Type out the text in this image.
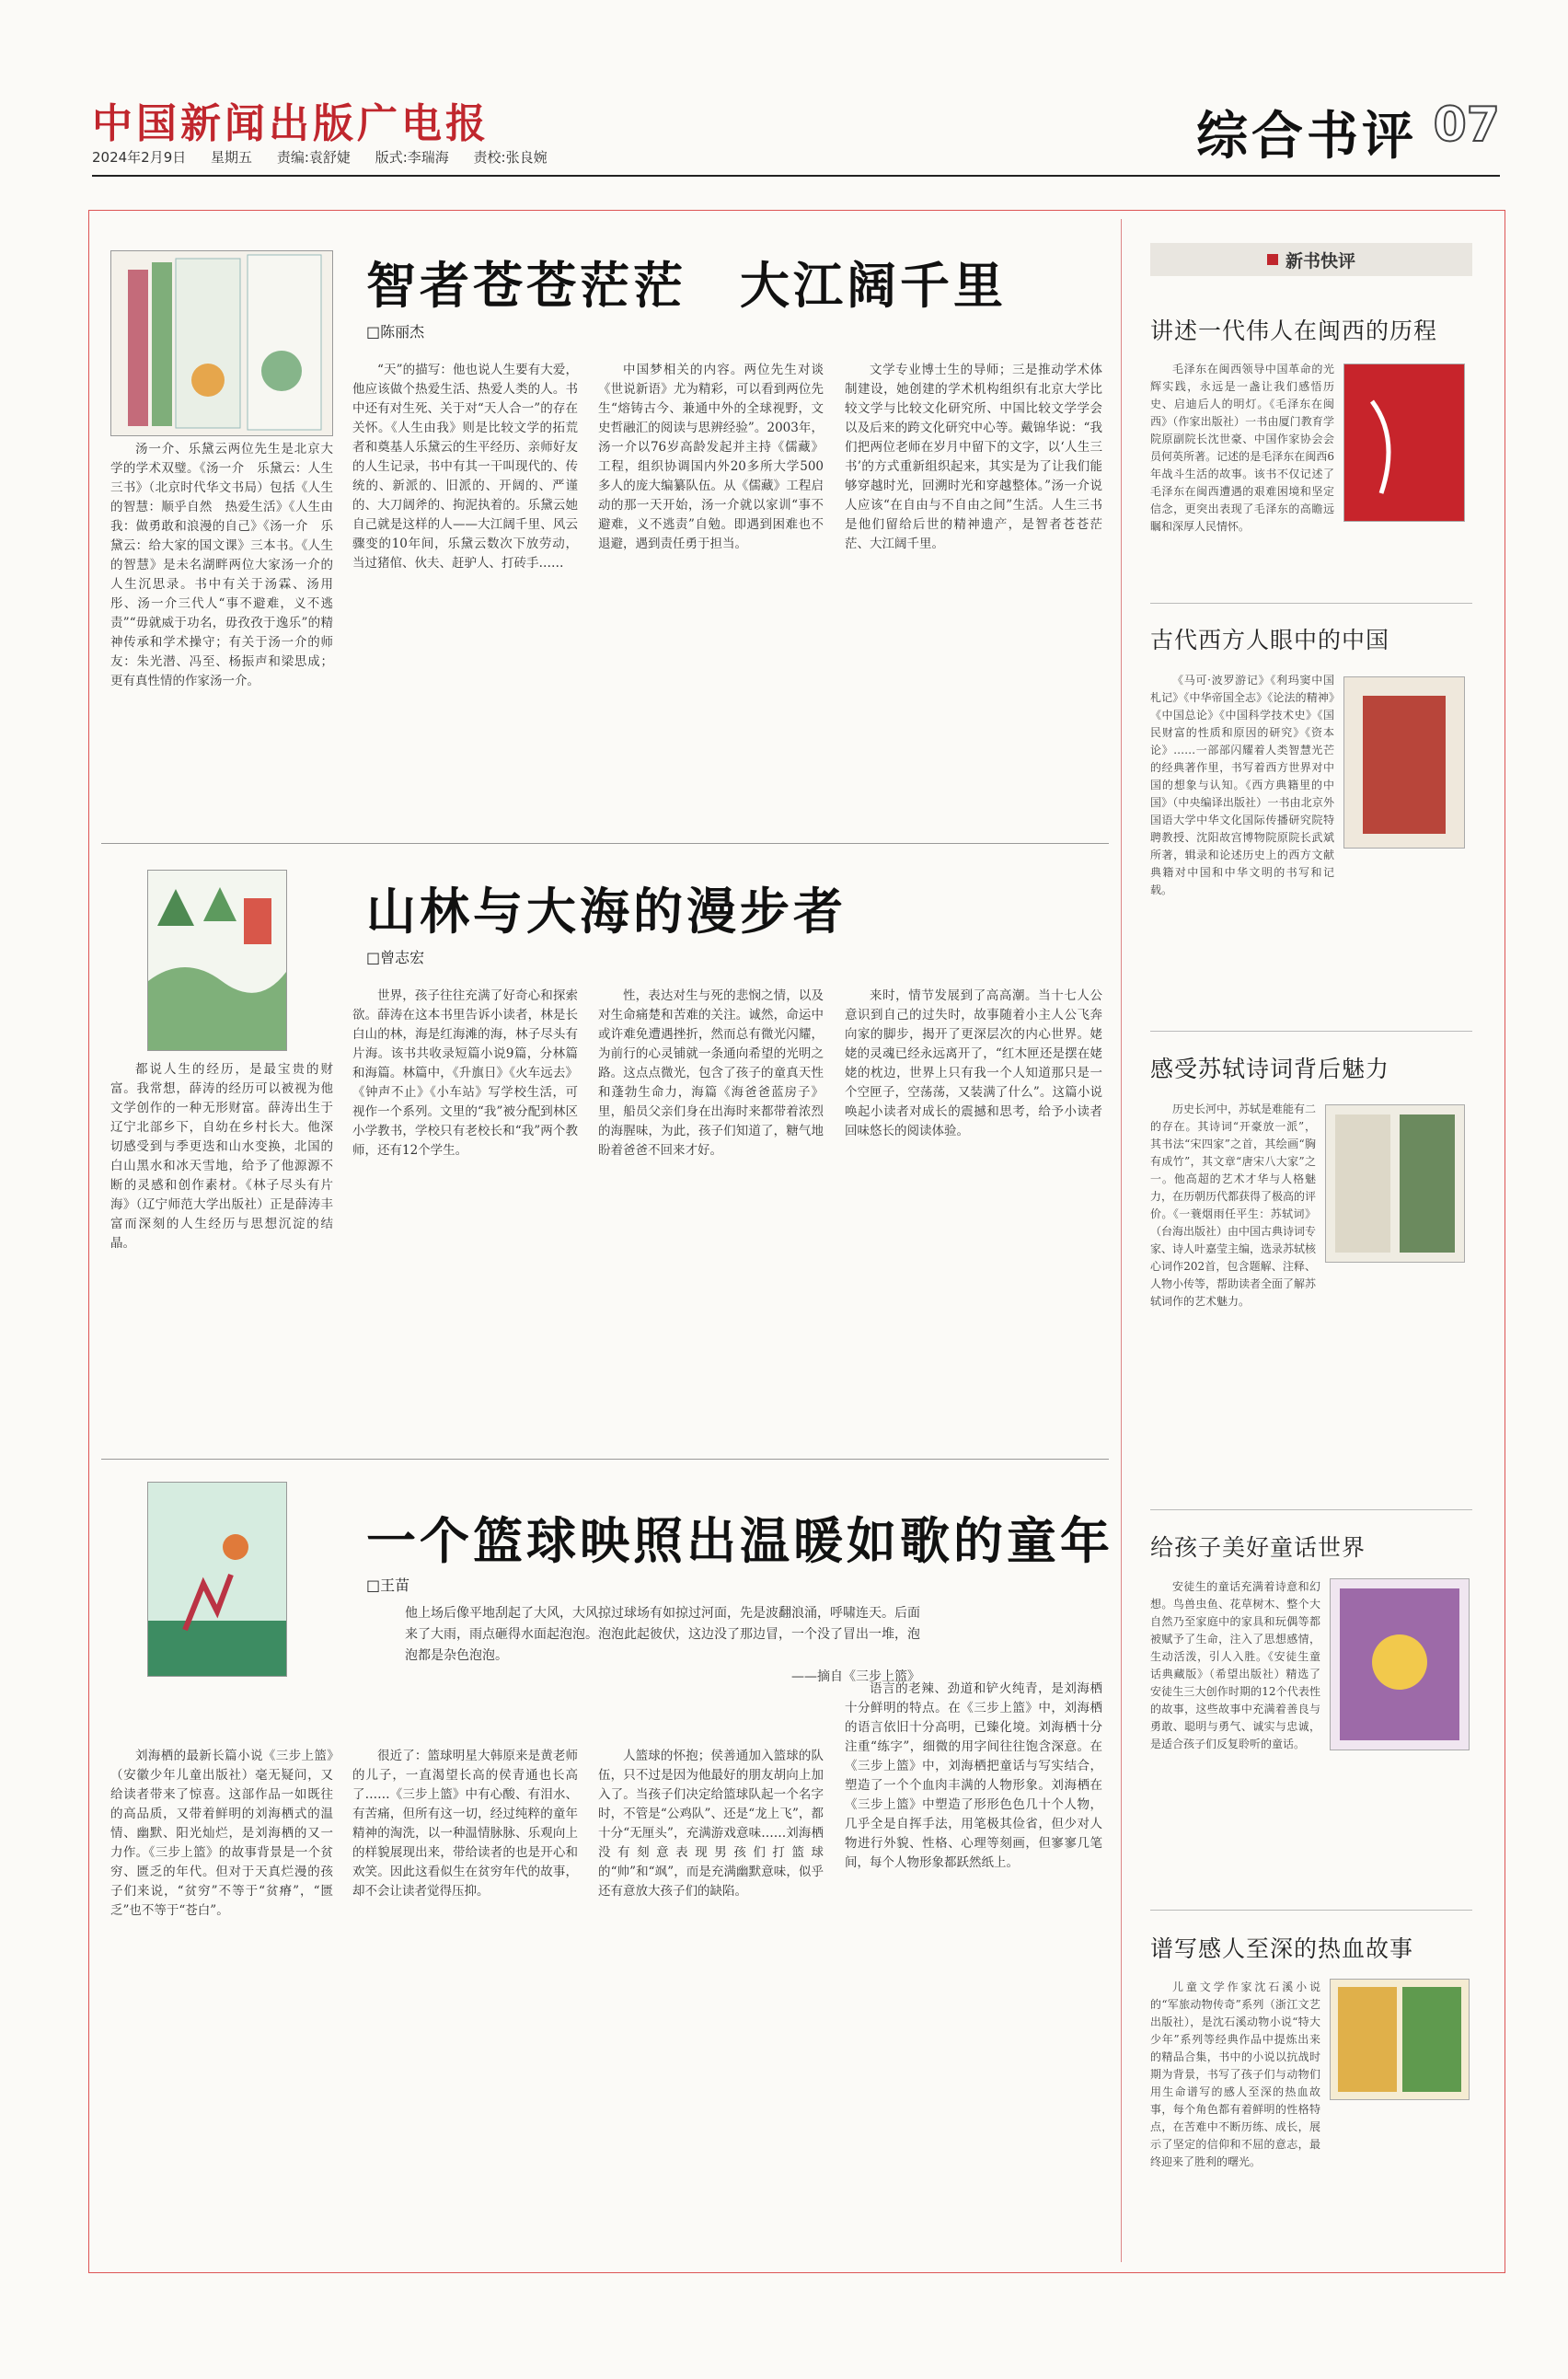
中国新闻出版广电报
2024年2月9日 星期五 责编:袁舒婕 版式:李瑞海 责校:张良婉	综合书评 07
智者苍苍茫茫　大江阔千里
□陈丽杰

汤一介、乐黛云两位先生是北京大学的学术双璧。《汤一介　乐黛云：人生三书》（北京时代华文书局）包括《人生的智慧：顺乎自然　热爱生活》《人生由我：做勇敢和浪漫的自己》《汤一介　乐黛云：给大家的国文课》三本书。《人生的智慧》是未名湖畔两位大家汤一介的人生沉思录。书中有关于汤霖、汤用彤、汤一介三代人“事不避难，义不逃责”“毋就威于功名，毋孜孜于逸乐”的精神传承和学术操守；有关于汤一介的师友：朱光潜、冯至、杨振声和梁思成；更有真性情的作家汤一介。

“天”的描写：他也说人生要有大爱，他应该做个热爱生活、热爱人类的人。书中还有对生死、关于对“天人合一”的存在关怀。《人生由我》则是比较文学的拓荒者和奠基人乐黛云的生平经历、亲师好友的人生记录，书中有其一干叫现代的、传统的、新派的、旧派的、开阔的、严谨的、大刀阔斧的、拘泥执着的。乐黛云她自己就是这样的人——大江阔千里、风云骤变的10年间，乐黛云数次下放劳动，当过猪倌、伙夫、赶驴人、打砖手……

中国梦相关的内容。两位先生对谈《世说新语》尤为精彩，可以看到两位先生“熔铸古今、兼通中外的全球视野，文史哲融汇的阅读与思辨经验”。2003年，汤一介以76岁高龄发起并主持《儒藏》工程，组织协调国内外20多所大学500多人的庞大编纂队伍。从《儒藏》工程启动的那一天开始，汤一介就以家训“事不避难，义不逃责”自勉。即遇到困难也不退避，遇到责任勇于担当。

文学专业博士生的导师；三是推动学术体制建设，她创建的学术机构组织有北京大学比较文学与比较文化研究所、中国比较文学学会以及后来的跨文化研究中心等。戴锦华说：“我们把两位老师在岁月中留下的文字，以‘人生三书’的方式重新组织起来，其实是为了让我们能够穿越时光，回溯时光和穿越整体。”汤一介说人应该“在自由与不自由之间”生活。人生三书是他们留给后世的精神遗产，是智者苍苍茫茫、大江阔千里。

山林与大海的漫步者
□曾志宏

都说人生的经历，是最宝贵的财富。我常想，薛涛的经历可以被视为他文学创作的一种无形财富。薛涛出生于辽宁北部乡下，自幼在乡村长大。他深切感受到与季更迭和山水变换，北国的白山黑水和冰天雪地，给予了他源源不断的灵感和创作素材。《林子尽头有片海》（辽宁师范大学出版社）正是薛涛丰富而深刻的人生经历与思想沉淀的结晶。

世界，孩子往往充满了好奇心和探索欲。薛涛在这本书里告诉小读者，林是长白山的林，海是红海滩的海，林子尽头有片海。该书共收录短篇小说9篇，分林篇和海篇。林篇中，《升旗日》《火车远去》《钟声不止》《小车站》写学校生活，可视作一个系列。文里的“我”被分配到林区小学教书，学校只有老校长和“我”两个教师，还有12个学生。

性，表达对生与死的悲悯之情，以及对生命痛楚和苦难的关注。诚然，命运中或许难免遭遇挫折，然而总有微光闪耀，为前行的心灵铺就一条通向希望的光明之路。这点点微光，包含了孩子的童真天性和蓬勃生命力，海篇《海爸爸蓝房子》里，船员父亲们身在出海时来都带着浓烈的海腥味，为此，孩子们知道了，糖气地盼着爸爸不回来才好。

来时，情节发展到了高高潮。当十七人公意识到自己的过失时，故事随着小主人公飞奔向家的脚步，揭开了更深层次的内心世界。姥姥的灵魂已经永远离开了，“红木匣还是摆在姥姥的枕边，世界上只有我一个人知道那只是一个空匣子，空荡荡，又装满了什么”。这篇小说唤起小读者对成长的震撼和思考，给予小读者回味悠长的阅读体验。

一个篮球映照出温暖如歌的童年
□王苗
他上场后像平地刮起了大风，大风掠过球场有如掠过河面，先是波翻浪涌，呼啸连天。后面来了大雨，雨点砸得水面起泡泡。泡泡此起彼伏，这边没了那边冒，一个没了冒出一堆，泡泡都是杂色泡泡。
——摘自《三步上篮》

刘海栖的最新长篇小说《三步上篮》（安徽少年儿童出版社）毫无疑问，又给读者带来了惊喜。这部作品一如既往的高品质，又带着鲜明的刘海栖式的温情、幽默、阳光灿烂，是刘海栖的又一力作。《三步上篮》的故事背景是一个贫穷、匮乏的年代。但对于天真烂漫的孩子们来说，“贫穷”不等于“贫瘠”，“匮乏”也不等于“苍白”。

很近了：篮球明星大韩原来是黄老师的儿子，一直渴望长高的侯青通也长高了……《三步上篮》中有心酸、有泪水、有苦痛，但所有这一切，经过纯粹的童年精神的淘洗，以一种温情脉脉、乐观向上的样貌展现出来，带给读者的也是开心和欢笑。因此这看似生在贫穷年代的故事，却不会让读者觉得压抑。

人篮球的怀抱；侯善通加入篮球的队伍，只不过是因为他最好的朋友胡向上加入了。当孩子们决定给篮球队起一个名字时，不管是“公鸡队”、还是“龙上飞”，都十分“无厘头”，充满游戏意味……刘海栖没有刻意表现男孩们打篮球的“帅”和“飒”，而是充满幽默意味，似乎还有意放大孩子们的缺陷。

语言的老辣、劲道和铲火纯青，是刘海栖十分鲜明的特点。在《三步上篮》中，刘海栖的语言依旧十分高明，已臻化境。刘海栖十分注重“练字”，细微的用字间往往饱含深意。在《三步上篮》中，刘海栖把童话与写实结合，塑造了一个个血肉丰满的人物形象。刘海栖在《三步上篮》中塑造了形形色色几十个人物，几乎全是自挥手法，用笔极其俭省，但少对人物进行外貌、性格、心理等刻画，但寥寥几笔间，每个人物形象都跃然纸上。

新书快评
讲述一代伟人在闽西的历程

毛泽东在闽西领导中国革命的光辉实践，永远是一盏让我们感悟历史、启迪后人的明灯。《毛泽东在闽西》（作家出版社）一书由厦门教育学院原副院长沈世豪、中国作家协会会员何英所著。记述的是毛泽东在闽西6年战斗生活的故事。该书不仅记述了毛泽东在闽西遭遇的艰难困境和坚定信念，更突出表现了毛泽东的高瞻远瞩和深厚人民情怀。

古代西方人眼中的中国

《马可·波罗游记》《利玛窦中国札记》《中华帝国全志》《论法的精神》《中国总论》《中国科学技术史》《国民财富的性质和原因的研究》《资本论》……一部部闪耀着人类智慧光芒的经典著作里，书写着西方世界对中国的想象与认知。《西方典籍里的中国》（中央编译出版社）一书由北京外国语大学中华文化国际传播研究院特聘教授、沈阳故宫博物院原院长武斌所著，辑录和论述历史上的西方文献典籍对中国和中华文明的书写和记载。

感受苏轼诗词背后魅力

历史长河中，苏轼是难能有二的存在。其诗词“开豪放一派”，其书法“宋四家”之首，其绘画“胸有成竹”，其文章“唐宋八大家”之一。他高超的艺术才华与人格魅力，在历朝历代都获得了极高的评价。《一蓑烟雨任平生：苏轼词》（台海出版社）由中国古典诗词专家、诗人叶嘉莹主编，选录苏轼核心词作202首，包含题解、注释、人物小传等，帮助读者全面了解苏轼词作的艺术魅力。

给孩子美好童话世界

安徒生的童话充满着诗意和幻想。鸟兽虫鱼、花草树木、整个大自然乃至家庭中的家具和玩偶等都被赋予了生命，注入了思想感情，生动活泼，引人入胜。《安徒生童话典藏版》（希望出版社）精选了安徒生三大创作时期的12个代表性的故事，这些故事中充满着善良与勇敢、聪明与勇气、诚实与忠诚，是适合孩子们反复聆听的童话。

谱写感人至深的热血故事

儿童文学作家沈石溪小说的“军旅动物传奇”系列（浙江文艺出版社），是沈石溪动物小说“特大少年”系列等经典作品中提炼出来的精品合集，书中的小说以抗战时期为背景，书写了孩子们与动物们用生命谱写的感人至深的热血故事，每个角色都有着鲜明的性格特点，在苦难中不断历练、成长，展示了坚定的信仰和不屈的意志，最终迎来了胜利的曙光。
